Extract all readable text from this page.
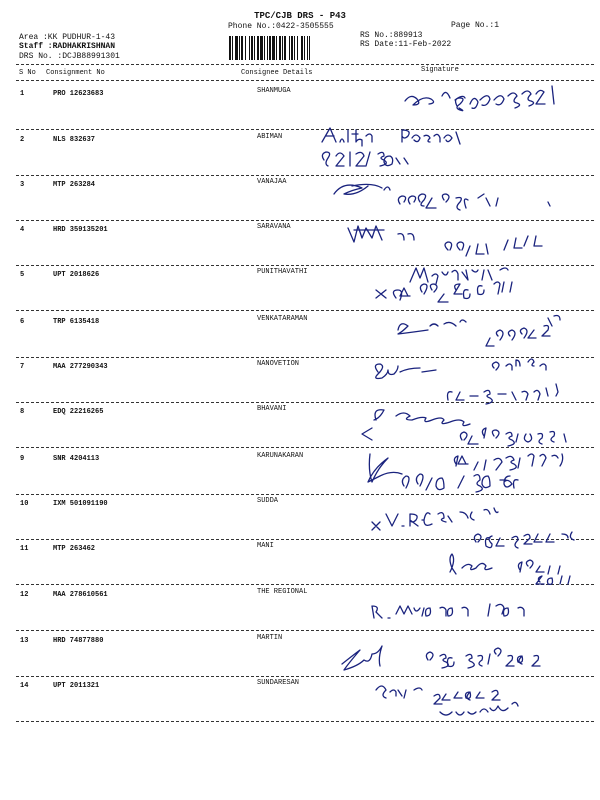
TPC/CJB DRS - P43
Phone No.:0422-3505555	Page No.:1
Area :KK PUDHUR-1-43
Staff :RADHAKRISHNAN
DRS No. :DCJB88991301
RS No.:889913
RS Date:11-Feb-2022
S No Consignment No	Consignee Details	Signature
1	PRO 12623683	SHANMUGA
2	NLS 832637	ABIMAN
3	MTP 263284	VANAJAA
4	HRD 359135201	SARAVANA
5	UPT 2018626	PUNITHAVATHI
6	TRP 6135418	VENKATARAMAN
7	MAA 277290343	NANOVETION
8	EDQ 22216265	BHAVANI
9	SNR 4204113	KARUNAKARAN
10	IXM 501091190	SUDDA
11	MTP 263462	MANI
12	MAA 278610561	THE REGIONAL
13	HRD 74877880	MARTIN
14	UPT 2011321	SUNDARESAN
